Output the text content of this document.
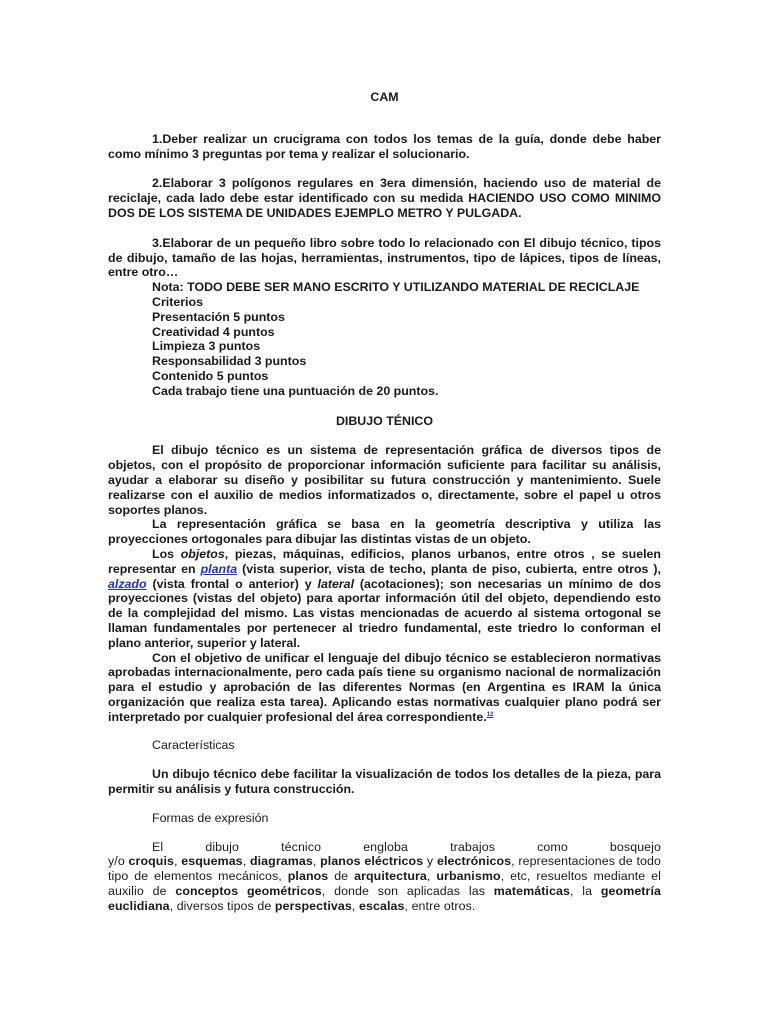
CAM

1.Deber realizar un crucigrama con todos los temas de la guía, donde debe haber como mínimo 3 preguntas por tema y realizar el solucionario.

2.Elaborar 3 polígonos regulares en 3era dimensión, haciendo uso de material de reciclaje, cada lado debe estar identificado con su medida HACIENDO USO COMO MINIMO DOS DE LOS SISTEMA DE UNIDADES EJEMPLO METRO Y PULGADA.

3.Elaborar de un pequeño libro sobre todo lo relacionado con El dibujo técnico, tipos de dibujo, tamaño de las hojas, herramientas, instrumentos, tipo de lápices, tipos de líneas, entre otro…

Nota: TODO DEBE SER MANO ESCRITO Y UTILIZANDO MATERIAL DE RECICLAJE
Criterios
Presentación 5 puntos
Creatividad 4 puntos
Limpieza 3 puntos
Responsabilidad 3 puntos
Contenido 5 puntos
Cada trabajo tiene una puntuación de 20 puntos.
DIBUJO TÉNICO

El dibujo técnico es un sistema de representación gráfica de diversos tipos de objetos, con el propósito de proporcionar información suficiente para facilitar su análisis, ayudar a elaborar su diseño y posibilitar su futura construcción y mantenimiento. Suele realizarse con el auxilio de medios informatizados o, directamente, sobre el papel u otros soportes planos.

La representación gráfica se basa en la geometría descriptiva y utiliza las proyecciones ortogonales para dibujar las distintas vistas de un objeto.

Los objetos, piezas, máquinas, edificios, planos urbanos, entre otros , se suelen representar en planta (vista superior, vista de techo, planta de piso, cubierta, entre otros ), alzado (vista frontal o anterior) y lateral (acotaciones); son necesarias un mínimo de dos proyecciones (vistas del objeto) para aportar información útil del objeto, dependiendo esto de la complejidad del mismo. Las vistas mencionadas de acuerdo al sistema ortogonal se llaman fundamentales por pertenecer al triedro fundamental, este triedro lo conforman el plano anterior, superior y lateral.

Con el objetivo de unificar el lenguaje del dibujo técnico se establecieron normativas aprobadas internacionalmente, pero cada país tiene su organismo nacional de normalización para el estudio y aprobación de las diferentes Normas (en Argentina es IRAM la única organización que realiza esta tarea). Aplicando estas normativas cualquier plano podrá ser interpretado por cualquier profesional del área correspondiente.$^{12}$

Características

Un dibujo técnico debe facilitar la visualización de todos los detalles de la pieza, para permitir su análisis y futura construcción.

Formas de expresión
El	dibujo	técnico	engloba	trabajos	como	bosquejo
y/o croquis, esquemas, diagramas, planos eléctricos y electrónicos, representaciones de todo tipo de elementos mecánicos, planos de arquitectura, urbanismo, etc, resueltos mediante el auxilio de conceptos geométricos, donde son aplicadas las matemáticas, la geometría euclidiana, diversos tipos de perspectivas, escalas, entre otros.
